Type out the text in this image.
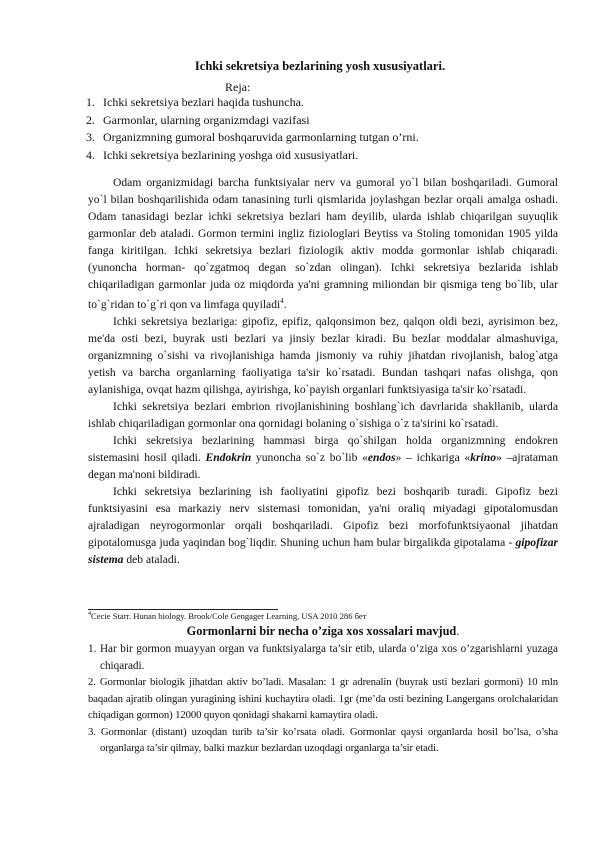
Ichki sekretsiya bezlarining yosh xususiyatlari.
Reja:
1. Ichki sekretsiya bezlari haqida tushuncha.
2. Garmonlar, ularning organizmdagi vazifasi
3. Organizmning gumoral boshqaruvida garmonlarning tutgan o’rni.
4. Ichki sekretsiya bezlarining yoshga oid xususiyatlari.

Odam organizmidagi barcha funktsiyalar nerv va gumoral yo`l bilan boshqariladi. Gumoral yo`l bilan boshqarilishida odam tanasining turli qismlarida joylashgan bezlar orqali amalga oshadi. Odam tanasidagi bezlar ichki sekretsiya bezlari ham deyilib, ularda ishlab chiqarilgan suyuqlik garmonlar deb ataladi. Gormon termini ingliz fiziologlari Beytiss va Stoling tomonidan 1905 yilda fanga kiritilgan. Ichki sekretsiya bezlari fiziologik aktiv modda gormonlar ishlab chiqaradi. (yunoncha horman- qo`zgatmoq degan so`zdan olingan). Ichki sekretsiya bezlarida ishlab chiqariladigan garmonlar juda oz miqdorda ya'ni gramning miliondan bir qismiga teng bo`lib, ular to`g`ridan to`g`ri qon va limfaga quyiladi$^4$.

Ichki sekretsiya bezlariga: gipofiz, epifiz, qalqonsimon bez, qalqon oldi bezi, ayrisimon bez, me'da osti bezi, buyrak usti bezlari va jinsiy bezlar kiradi. Bu bezlar moddalar almashuviga, organizmning o`sishi va rivojlanishiga hamda jismoniy va ruhiy jihatdan rivojlanish, balog`atga yetish va barcha organlarning faoliyatiga ta'sir ko`rsatadi. Bundan tashqari nafas olishga, qon aylanishiga, ovqat hazm qilishga, ayirishga, ko`payish organlari funktsiyasiga ta'sir ko`rsatadi.

Ichki sekretsiya bezlari embrion rivojlanishining boshlang`ich davrlarida shakllanib, ularda ishlab chiqariladigan gormonlar ona qornidagi bolaning o`sishiga o`z ta'sirini ko`rsatadi.

Ichki sekretsiya bezlarining hammasi birga qo`shilgan holda organizmning endokren sistemasini hosil qiladi. Endokrin yunoncha so`z bo`lib «endos» – ichkariga «krino» –ajrataman degan ma'noni bildiradi.

Ichki sekretsiya bezlarining ish faoliyatini gipofiz bezi boshqarib turadi. Gipofiz bezi funktsiyasini esa markaziy nerv sistemasi tomonidan, ya'ni oraliq miyadagi gipotalomusdan ajraladigan neyrogormonlar orqali boshqariladi. Gipofiz bezi morfofunktsiyaonal jihatdan gipotalomusga juda yaqindan bog`liqdir. Shuning uchun ham bular birgalikda gipotalama - gipofizar sistema deb ataladi.

$^4$Cecie Starr. Hunan biology. Brook/Cole Gengager Learning, USA 2010 286 бет
Gormonlarni bir necha o’ziga xos xossalari mavjud.
1. Har bir gormon muayyan organ va funktsiyalarga ta’sir etib, ularda o’ziga xos o’zgarishlarni yuzaga chiqaradi.
2. Gormonlar biologik jihatdan aktiv bo’ladi. Masalan: 1 gr adrenalin (buyrak usti bezlari gormoni) 10 mln baqadan ajratib olingan yuragining ishini kuchaytira oladi. 1gr (me’da osti bezining Langergans orolchalaridan chiqadigan gormon) 12000 quyon qonidagi shakarni kamaytira oladi.
3. Gormonlar (distant) uzoqdan turib ta’sir ko’rsata oladi. Gormonlar qaysi organlarda hosil bo’lsa, o’sha organlarga ta’sir qilmay, balki mazkur bezlardan uzoqdagi organlarga ta’sir etadi.
